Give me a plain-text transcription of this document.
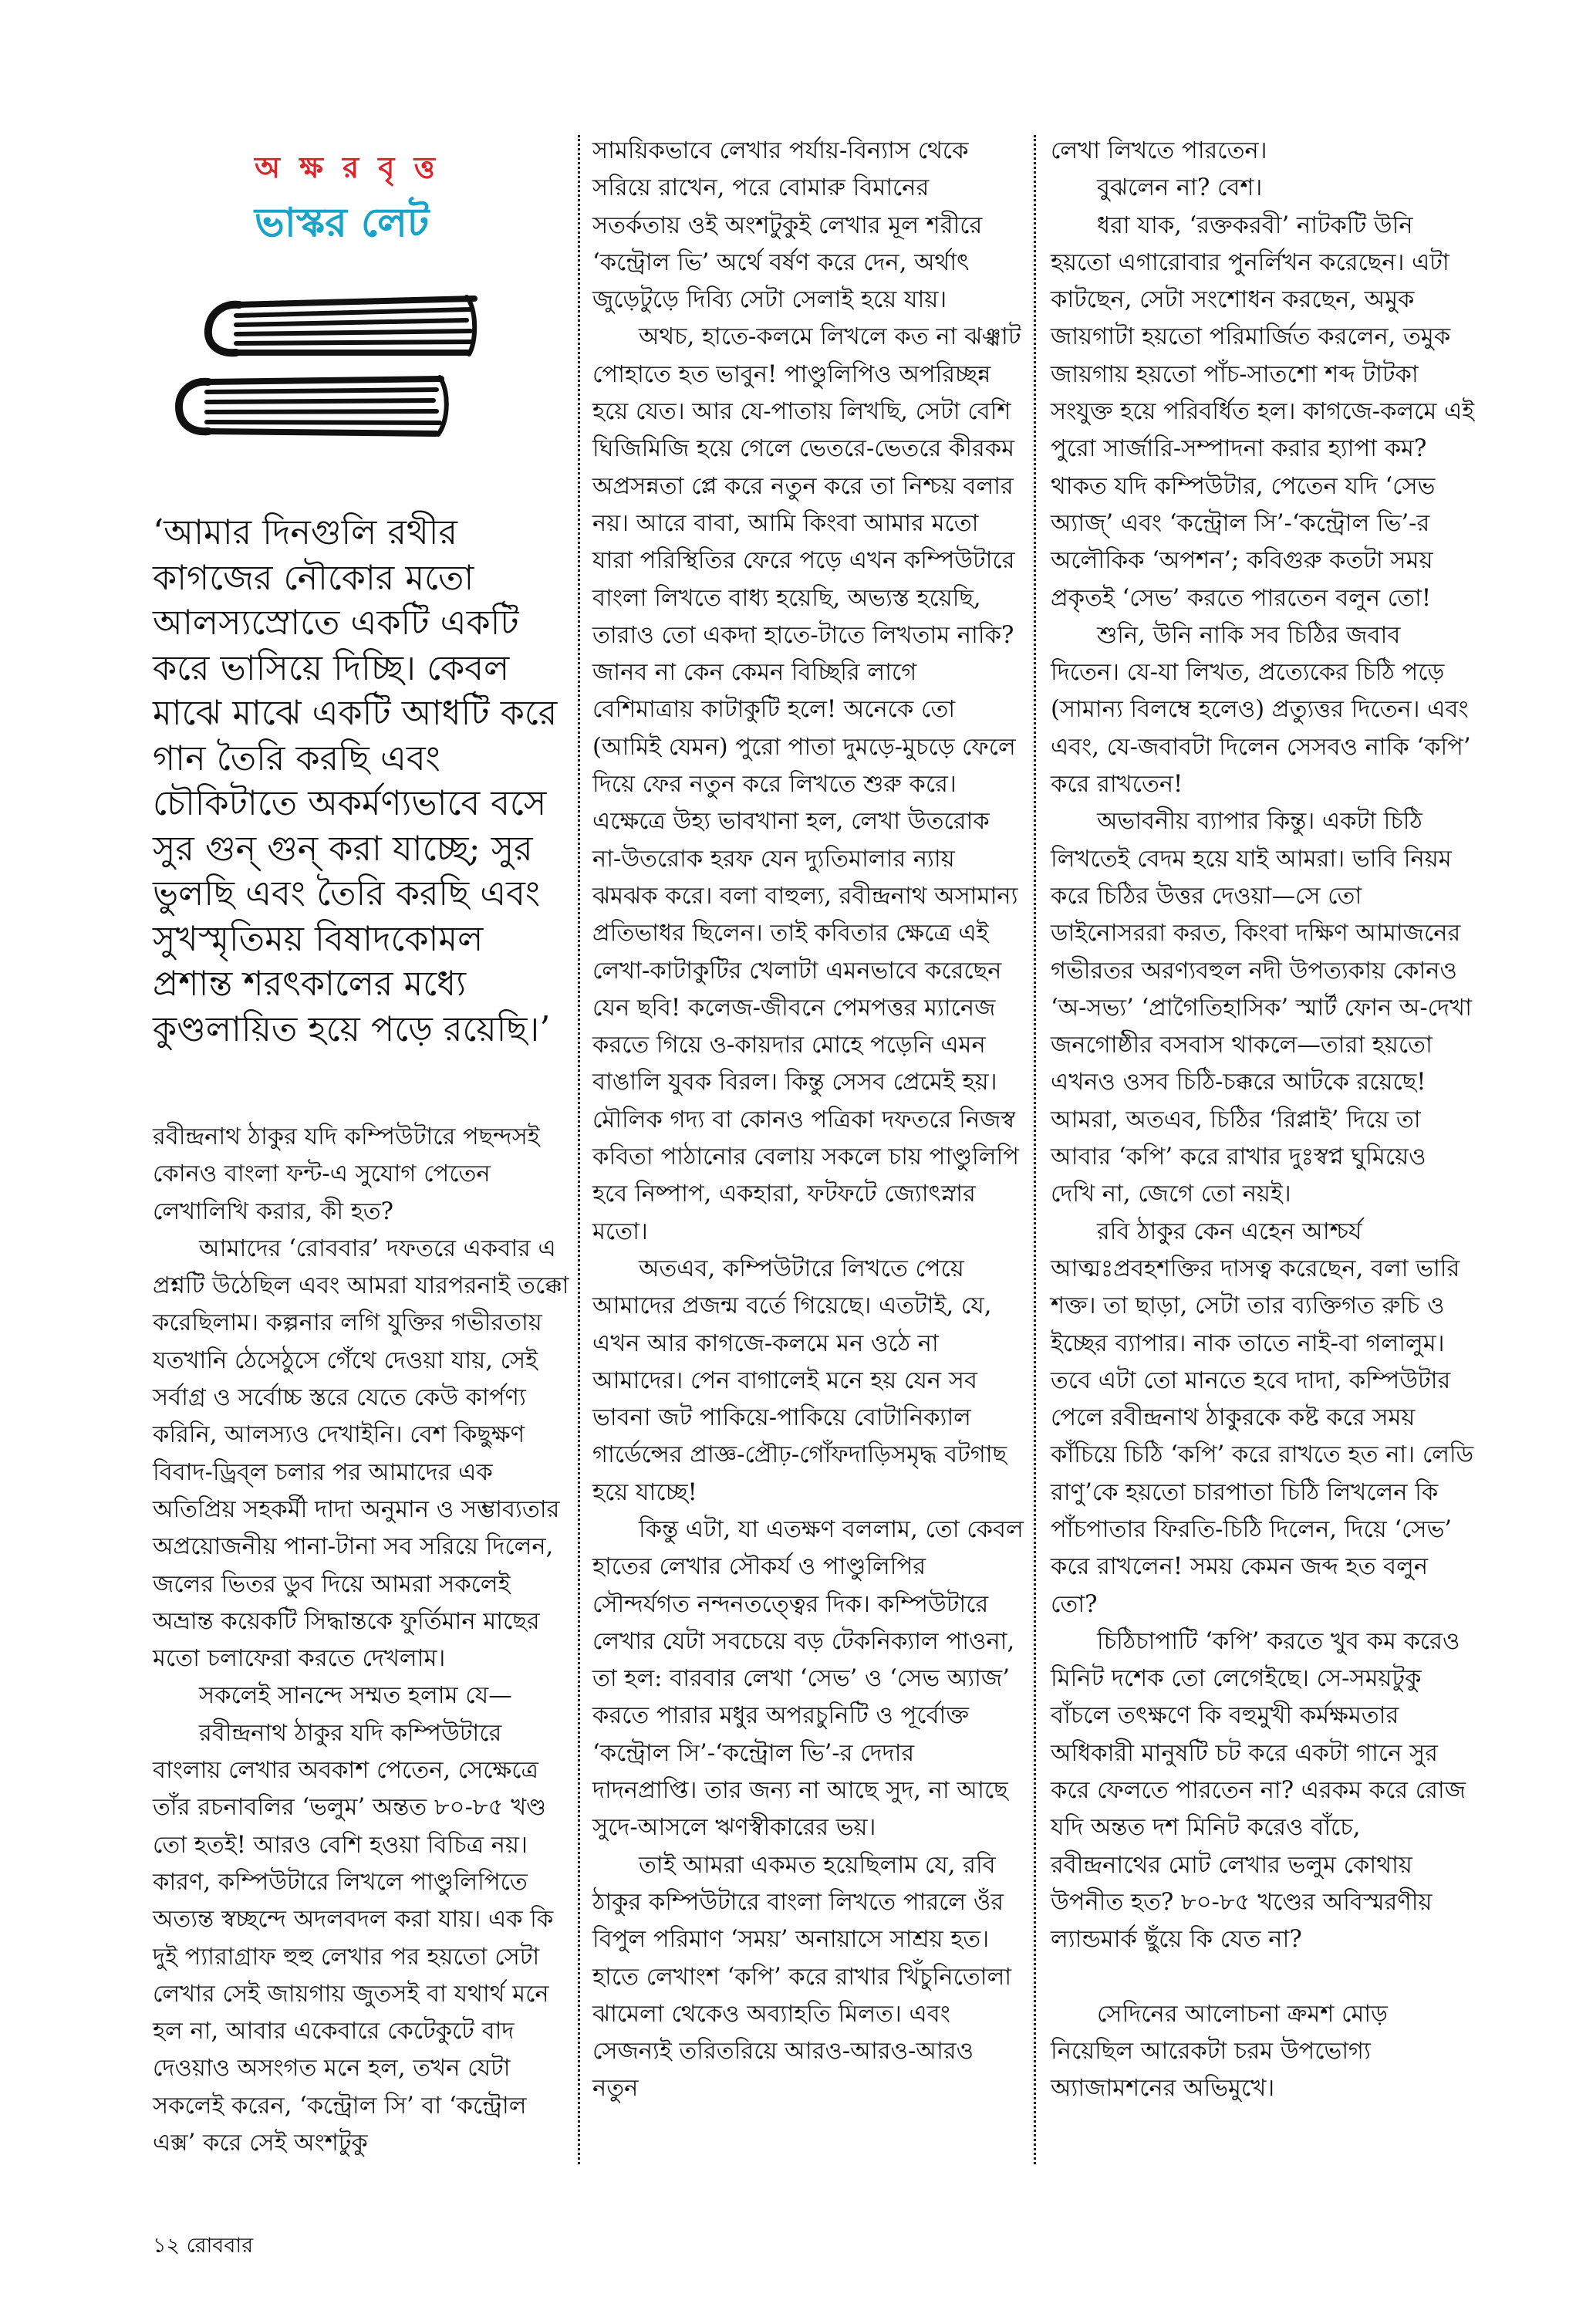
অ ক্ষ র বৃ ত্ত
ভাস্কর লেট
‘আমার দিনগুলি রথীর কাগজের নৌকোর মতো আলস্যস্রোতে একটি একটি করে ভাসিয়ে দিচ্ছি। কেবল মাঝে মাঝে একটি আধটি করে গান তৈরি করছি এবং চৌকিটাতে অকর্মণ্যভাবে বসে সুর গুন্‌ গুন্‌ করা যাচ্ছে; সুর ভুলছি এবং তৈরি করছি এবং সুখস্মৃতিময় বিষাদকোমল প্রশান্ত শরৎকালের মধ্যে কুণ্ডলায়িত হয়ে পড়ে রয়েছি।’

রবীন্দ্রনাথ ঠাকুর যদি কম্পিউটারে পছন্দসই কোনও বাংলা ফন্ট-এ সুযোগ পেতেন লেখালিখি করার, কী হত?

আমাদের ‘রোববার’ দফতরে একবার এ প্রশ্নটি উঠেছিল এবং আমরা যারপরনাই তক্কো করেছিলাম। কল্পনার লগি যুক্তির গভীরতায় যতখানি ঠেসেঠুসে গেঁথে দেওয়া যায়, সেই সর্বাগ্র ও সর্বোচ্চ স্তরে যেতে কেউ কার্পণ্য করিনি, আলস্যও দেখাইনি। বেশ কিছুক্ষণ বিবাদ-ড্রিব্‌ল চলার পর আমাদের এক অতিপ্রিয় সহকর্মী দাদা অনুমান ও সম্ভাব্যতার অপ্রয়োজনীয় পানা-টানা সব সরিয়ে দিলেন, জলের ভিতর ডুব দিয়ে আমরা সকলেই অভ্রান্ত কয়েকটি সিদ্ধান্তকে ফুর্তিমান মাছের মতো চলাফেরা করতে দেখলাম।

সকলেই সানন্দে সম্মত হলাম যে—

রবীন্দ্রনাথ ঠাকুর যদি কম্পিউটারে বাংলায় লেখার অবকাশ পেতেন, সেক্ষেত্রে তাঁর রচনাবলির ‘ভলুম’ অন্তত ৮০-৮৫ খণ্ড তো হতই! আরও বেশি হওয়া বিচিত্র নয়। কারণ, কম্পিউটারে লিখলে পাণ্ডুলিপিতে অত্যন্ত স্বচ্ছন্দে অদলবদল করা যায়। এক কি দুই প্যারাগ্রাফ হুহু লেখার পর হয়তো সেটা লেখার সেই জায়গায় জুতসই বা যথার্থ মনে হল না, আবার একেবারে কেটেকুটে বাদ দেওয়াও অসংগত মনে হল, তখন যেটা সকলেই করেন, ‘কন্ট্রোল সি’ বা ‘কন্ট্রোল এক্স’ করে সেই অংশটুকু

সাময়িকভাবে লেখার পর্যায়-বিন্যাস থেকে সরিয়ে রাখেন, পরে বোমারু বিমানের সতর্কতায় ওই অংশটুকুই লেখার মূল শরীরে ‘কন্ট্রোল ভি’ অর্থে বর্ষণ করে দেন, অর্থাৎ জুড়েটুড়ে দিব্যি সেটা সেলাই হয়ে যায়।

অথচ, হাতে-কলমে লিখলে কত না ঝঞ্ঝাট পোহাতে হত ভাবুন! পাণ্ডুলিপিও অপরিচ্ছন্ন হয়ে যেত। আর যে-পাতায় লিখছি, সেটা বেশি ঘিজিমিজি হয়ে গেলে ভেতরে-ভেতরে কীরকম অপ্রসন্নতা প্লে করে নতুন করে তা নিশ্চয় বলার নয়। আরে বাবা, আমি কিংবা আমার মতো যারা পরিস্থিতির ফেরে পড়ে এখন কম্পিউটারে বাংলা লিখতে বাধ্য হয়েছি, অভ্যস্ত হয়েছি, তারাও তো একদা হাতে-টাতে লিখতাম নাকি? জানব না কেন কেমন বিচ্ছিরি লাগে বেশিমাত্রায় কাটাকুটি হলে! অনেকে তো (আমিই যেমন) পুরো পাতা দুমড়ে-মুচড়ে ফেলে দিয়ে ফের নতুন করে লিখতে শুরু করে। এক্ষেত্রে উহ্য ভাবখানা হল, লেখা উতরোক না-উতরোক হরফ যেন দ্যুতিমালার ন্যায় ঝমঝক করে। বলা বাহুল্য, রবীন্দ্রনাথ অসামান্য প্রতিভাধর ছিলেন। তাই কবিতার ক্ষেত্রে এই লেখা-কাটাকুটির খেলাটা এমনভাবে করেছেন যেন ছবি! কলেজ-জীবনে পেমপত্তর ম্যানেজ করতে গিয়ে ও-কায়দার মোহে পড়েনি এমন বাঙালি যুবক বিরল। কিন্তু সেসব প্রেমেই হয়। মৌলিক গদ্য বা কোনও পত্রিকা দফতরে নিজস্ব কবিতা পাঠানোর বেলায় সকলে চায় পাণ্ডুলিপি হবে নিষ্পাপ, একহারা, ফটফটে জ্যোৎস্নার মতো।

অতএব, কম্পিউটারে লিখতে পেয়ে আমাদের প্রজন্ম বর্তে গিয়েছে। এতটাই, যে, এখন আর কাগজে-কলমে মন ওঠে না আমাদের। পেন বাগালেই মনে হয় যেন সব ভাবনা জট পাকিয়ে-পাকিয়ে বোটানিক্যাল গার্ডেন্সের প্রাজ্ঞ-প্রৌঢ়-গোঁফদাড়িসমৃদ্ধ বটগাছ হয়ে যাচ্ছে!

কিন্তু এটা, যা এতক্ষণ বললাম, তো কেবল হাতের লেখার সৌকর্য ও পাণ্ডুলিপির সৌন্দর্যগত নন্দনতত্ত্বের দিক। কম্পিউটারে লেখার যেটা সবচেয়ে বড় টেকনিক্যাল পাওনা, তা হল: বারবার লেখা ‘সেভ’ ও ‘সেভ অ্যাজ’ করতে পারার মধুর অপরচুনিটি ও পূর্বোক্ত ‘কন্ট্রোল সি’-‘কন্ট্রোল ভি’-র দেদার দাদনপ্রাপ্তি। তার জন্য না আছে সুদ, না আছে সুদে-আসলে ঋণস্বীকারের ভয়।

তাই আমরা একমত হয়েছিলাম যে, রবি ঠাকুর কম্পিউটারে বাংলা লিখতে পারলে ওঁর বিপুল পরিমাণ ‘সময়’ অনায়াসে সাশ্রয় হত। হাতে লেখাংশ ‘কপি’ করে রাখার খিঁচুনিতোলা ঝামেলা থেকেও অব্যাহতি মিলত। এবং সেজন্যই তরিতরিয়ে আরও-আরও-আরও নতুন

লেখা লিখতে পারতেন।

বুঝলেন না? বেশ।

ধরা যাক, ‘রক্তকরবী’ নাটকটি উনি হয়তো এগারোবার পুনর্লিখন করেছেন। এটা কাটছেন, সেটা সংশোধন করছেন, অমুক জায়গাটা হয়তো পরিমার্জিত করলেন, তমুক জায়গায় হয়তো পাঁচ-সাতশো শব্দ টাটকা সংযুক্ত হয়ে পরিবর্ধিত হল। কাগজে-কলমে এই পুরো সার্জারি-সম্পাদনা করার হ্যাপা কম? থাকত যদি কম্পিউটার, পেতেন যদি ‘সেভ অ্যাজ্’ এবং ‘কন্ট্রোল সি’-‘কন্ট্রোল ভি’-র অলৌকিক ‘অপশন’; কবিগুরু কতটা সময় প্রকৃতই ‘সেভ’ করতে পারতেন বলুন তো!

শুনি, উনি নাকি সব চিঠির জবাব দিতেন। যে-যা লিখত, প্রত্যেকের চিঠি পড়ে (সামান্য বিলম্বে হলেও) প্রত্যুত্তর দিতেন। এবং এবং, যে-জবাবটা দিলেন সেসবও নাকি ‘কপি’ করে রাখতেন!

অভাবনীয় ব্যাপার কিন্তু। একটা চিঠি লিখতেই বেদম হয়ে যাই আমরা। ভাবি নিয়ম করে চিঠির উত্তর দেওয়া—সে তো ডাইনোসররা করত, কিংবা দক্ষিণ আমাজনের গভীরতর অরণ্যবহুল নদী উপত্যকায় কোনও ‘অ-সভ্য’ ‘প্রাগৈতিহাসিক’ স্মার্ট ফোন অ-দেখা জনগোষ্ঠীর বসবাস থাকলে—তারা হয়তো এখনও ওসব চিঠি-চক্করে আটকে রয়েছে! আমরা, অতএব, চিঠির ‘রিপ্লাই’ দিয়ে তা আবার ‘কপি’ করে রাখার দুঃস্বপ্ন ঘুমিয়েও দেখি না, জেগে তো নয়ই।

রবি ঠাকুর কেন এহেন আশ্চর্য আত্মঃপ্রবহশক্তির দাসত্ব করেছেন, বলা ভারি শক্ত। তা ছাড়া, সেটা তার ব্যক্তিগত রুচি ও ইচ্ছের ব্যাপার। নাক তাতে নাই-বা গলালুম। তবে এটা তো মানতে হবে দাদা, কম্পিউটার পেলে রবীন্দ্রনাথ ঠাকুরকে কষ্ট করে সময় কাঁচিয়ে চিঠি ‘কপি’ করে রাখতে হত না। লেডি রাণু’কে হয়তো চারপাতা চিঠি লিখলেন কি পাঁচপাতার ফিরতি-চিঠি দিলেন, দিয়ে ‘সেভ’ করে রাখলেন! সময় কেমন জব্দ হত বলুন তো?

চিঠিচাপাটি ‘কপি’ করতে খুব কম করেও মিনিট দশেক তো লেগেইছে। সে-সময়টুকু বাঁচলে তৎক্ষণে কি বহুমুখী কর্মক্ষমতার অধিকারী মানুষটি চট করে একটা গানে সুর করে ফেলতে পারতেন না? এরকম করে রোজ যদি অন্তত দশ মিনিট করেও বাঁচে, রবীন্দ্রনাথের মোট লেখার ভলুম কোথায় উপনীত হত? ৮০-৮৫ খণ্ডের অবিস্মরণীয় ল্যান্ডমার্ক ছুঁয়ে কি যেত না?

সেদিনের আলোচনা ক্রমশ মোড় নিয়েছিল আরেকটা চরম উপভোগ্য অ্যাজামশনের অভিমুখে।

১২ রোববার
